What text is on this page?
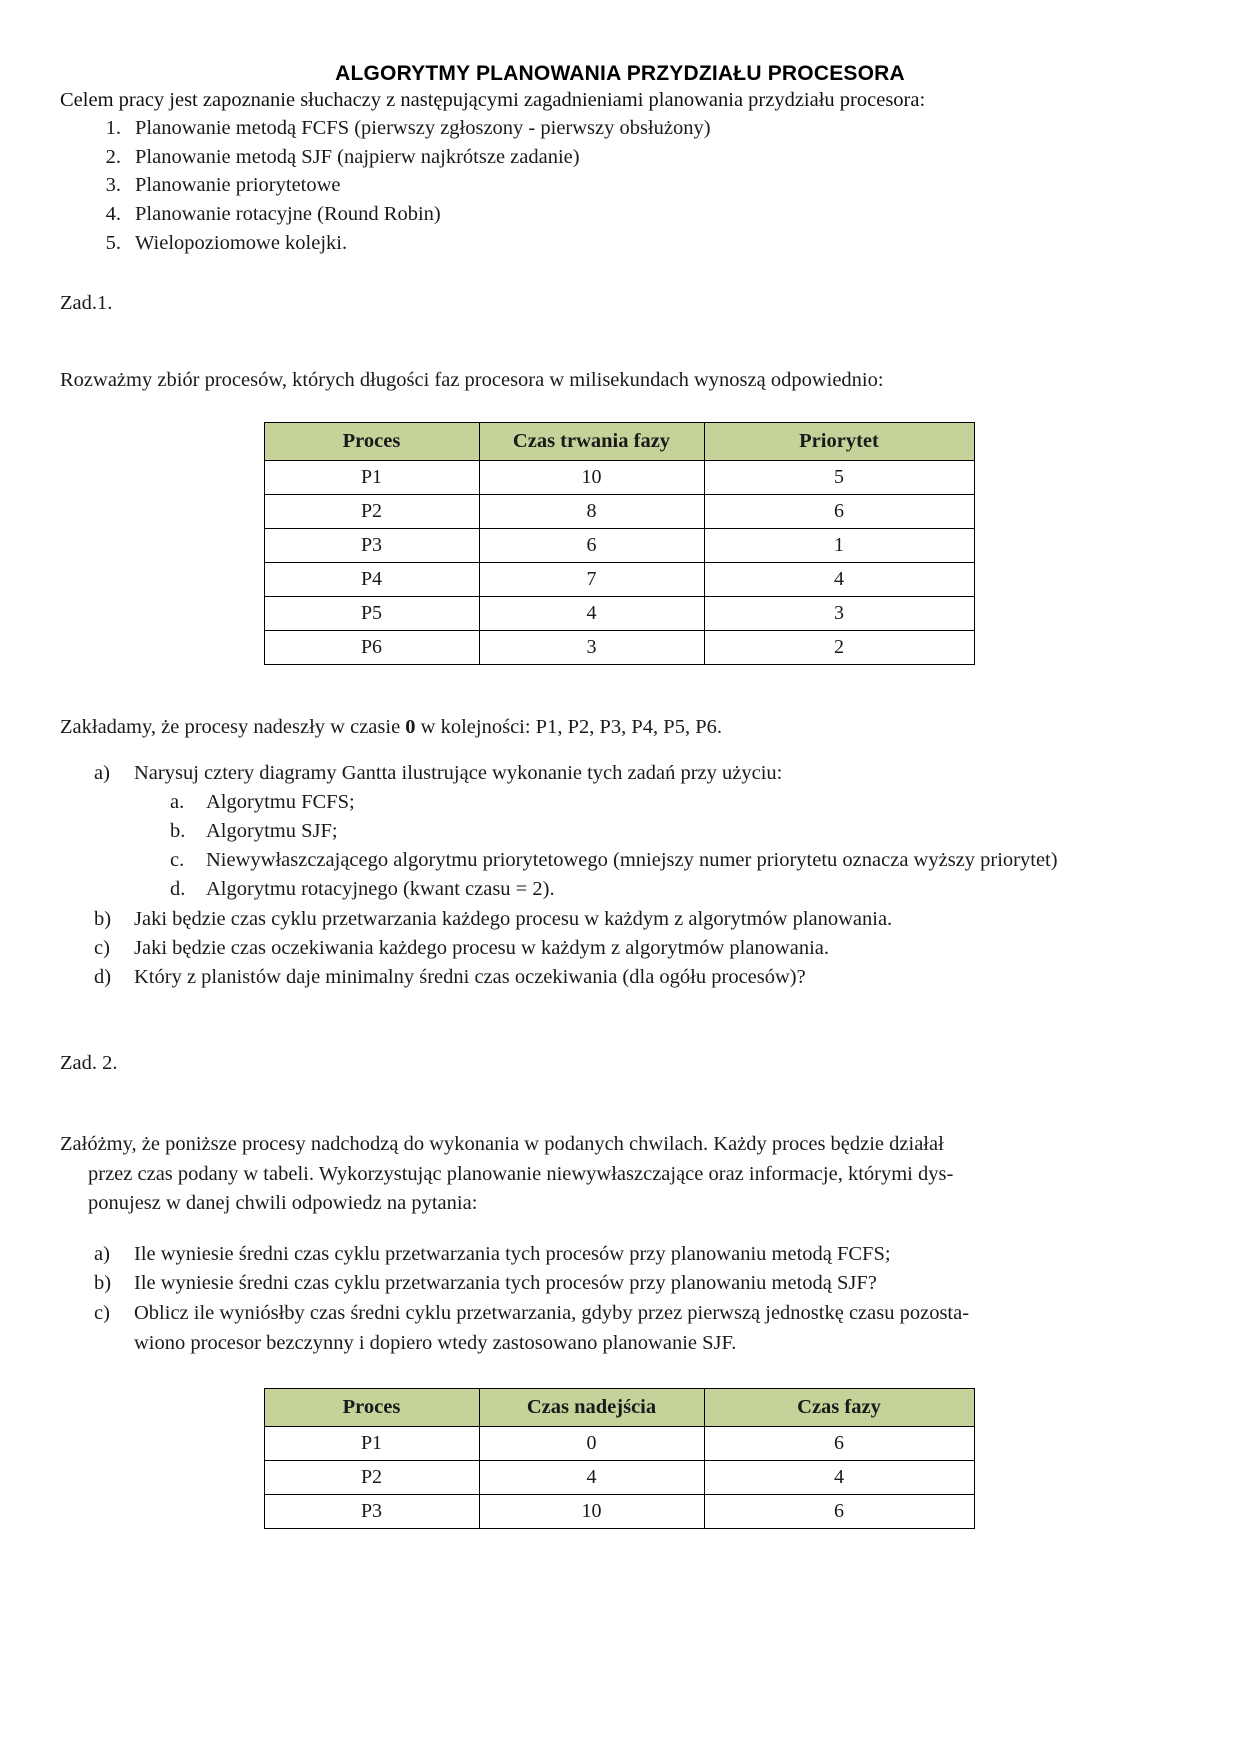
ALGORYTMY PLANOWANIA PRZYDZIAŁU PROCESORA

Celem pracy jest zapoznanie słuchaczy z następującymi zagadnieniami planowania przydziału procesora:

1. Planowanie metodą FCFS (pierwszy zgłoszony - pierwszy obsłużony)
2. Planowanie metodą SJF (najpierw najkrótsze zadanie)
3. Planowanie priorytetowe
4. Planowanie rotacyjne (Round Robin)
5. Wielopoziomowe kolejki.

Zad.1.

Rozważmy zbiór procesów, których długości faz procesora w milisekundach wynoszą odpowiednio:

Proces	Czas trwania fazy	Priorytet
P1	10	5
P2	8	6
P3	6	1
P4	7	4
P5	4	3
P6	3	2

Zakładamy, że procesy nadeszły w czasie 0 w kolejności: P1, P2, P3, P4, P5, P6.

a)	Narysuj cztery diagramy Gantta ilustrujące wykonanie tych zadań przy użyciu:
a.	Algorytmu FCFS;
b.	Algorytmu SJF;
c.	Niewywłaszczającego algorytmu priorytetowego (mniejszy numer priorytetu oznacza wyższy priorytet)
d.	Algorytmu rotacyjnego (kwant czasu = 2).
b)	Jaki będzie czas cyklu przetwarzania każdego procesu w każdym z algorytmów planowania.
c)	Jaki będzie czas oczekiwania każdego procesu w każdym z algorytmów planowania.
d)	Który z planistów daje minimalny średni czas oczekiwania (dla ogółu procesów)?

Zad. 2.

Załóżmy, że poniższe procesy nadchodzą do wykonania w podanych chwilach. Każdy proces będzie działał
przez czas podany w tabeli. Wykorzystując planowanie niewywłaszczające oraz informacje, którymi dys-
ponujesz w danej chwili odpowiedz na pytania:

a)	Ile wyniesie średni czas cyklu przetwarzania tych procesów przy planowaniu metodą FCFS;
b)	Ile wyniesie średni czas cyklu przetwarzania tych procesów przy planowaniu metodą SJF?
c)	Oblicz ile wyniósłby czas średni cyklu przetwarzania, gdyby przez pierwszą jednostkę czasu pozosta-
wiono procesor bezczynny i dopiero wtedy zastosowano planowanie SJF.
Proces	Czas nadejścia	Czas fazy
P1	0	6
P2	4	4
P3	10	6
